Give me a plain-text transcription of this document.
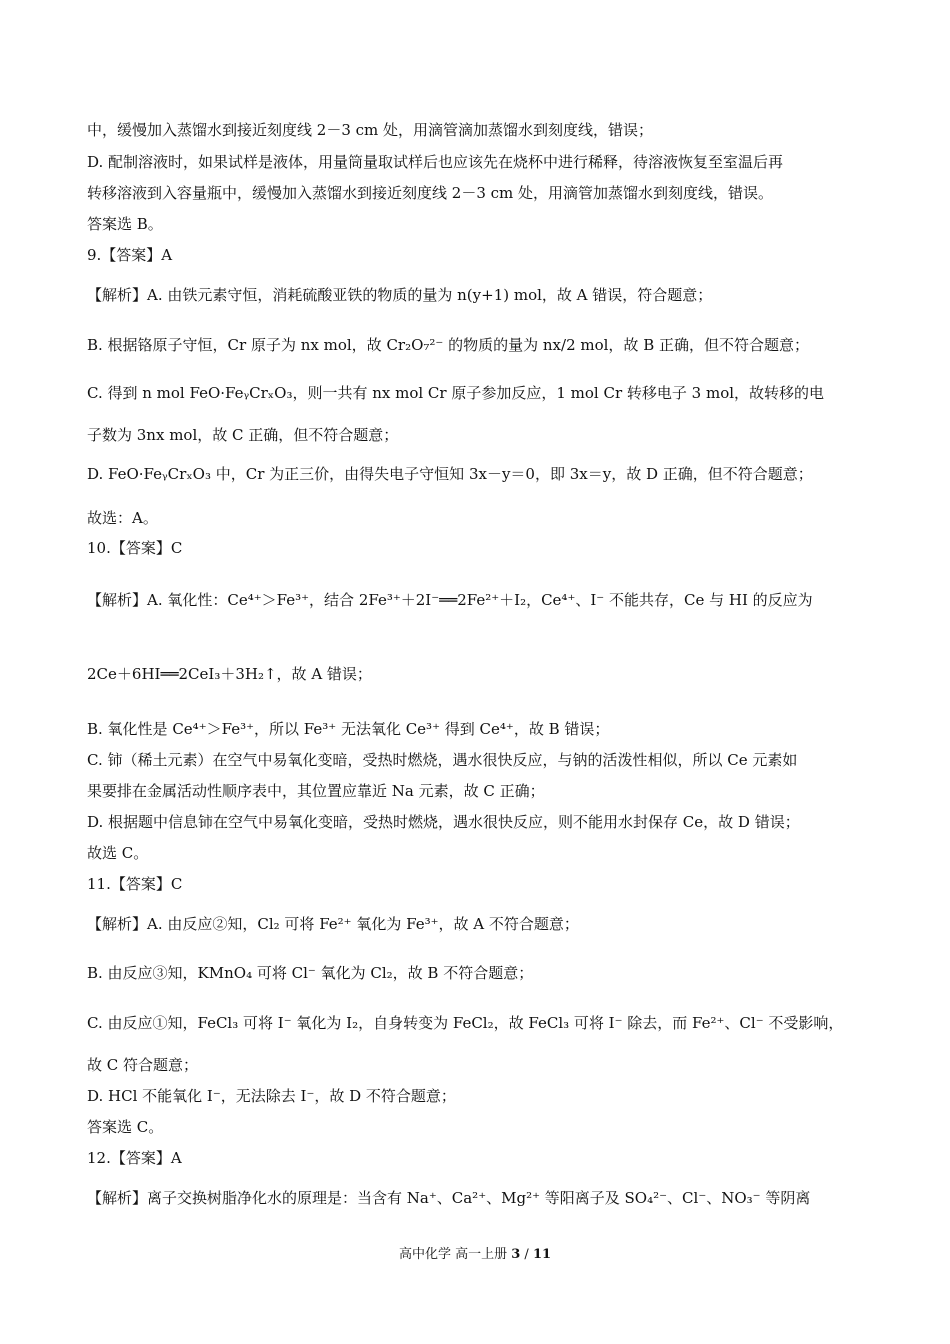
中，缓慢加入蒸馏水到接近刻度线 2－3 cm 处，用滴管滴加蒸馏水到刻度线，错误；
D. 配制溶液时，如果试样是液体，用量筒量取试样后也应该先在烧杯中进行稀释，待溶液恢复至室温后再
转移溶液到入容量瓶中，缓慢加入蒸馏水到接近刻度线 2－3 cm 处，用滴管加蒸馏水到刻度线，错误。
答案选 B。
9.【答案】A
【解析】A. 由铁元素守恒，消耗硫酸亚铁的物质的量为 n(y+1) mol，故 A 错误，符合题意；
B. 根据铬原子守恒，Cr 原子为 nx mol，故 Cr₂O₇²⁻ 的物质的量为 nx/2 mol，故 B 正确，但不符合题意；
C. 得到 n mol FeO·FeᵧCrₓO₃，则一共有 nx mol Cr 原子参加反应，1 mol Cr 转移电子 3 mol，故转移的电
子数为 3nx mol，故 C 正确，但不符合题意；
D. FeO·FeᵧCrₓO₃ 中，Cr 为正三价，由得失电子守恒知 3x－y＝0，即 3x＝y，故 D 正确，但不符合题意；
故选：A。
10.【答案】C
【解析】A. 氧化性：Ce⁴⁺＞Fe³⁺，结合 2Fe³⁺＋2I⁻══2Fe²⁺＋I₂，Ce⁴⁺、I⁻ 不能共存，Ce 与 HI 的反应为
2Ce＋6HI══2CeI₃＋3H₂↑，故 A 错误；
B. 氧化性是 Ce⁴⁺＞Fe³⁺，所以 Fe³⁺ 无法氧化 Ce³⁺ 得到 Ce⁴⁺，故 B 错误；
C. 铈（稀土元素）在空气中易氧化变暗，受热时燃烧，遇水很快反应，与钠的活泼性相似，所以 Ce 元素如
果要排在金属活动性顺序表中，其位置应靠近 Na 元素，故 C 正确；
D. 根据题中信息铈在空气中易氧化变暗，受热时燃烧，遇水很快反应，则不能用水封保存 Ce，故 D 错误；
故选 C。
11.【答案】C
【解析】A. 由反应②知，Cl₂ 可将 Fe²⁺ 氧化为 Fe³⁺，故 A 不符合题意；
B. 由反应③知，KMnO₄ 可将 Cl⁻ 氧化为 Cl₂，故 B 不符合题意；
C. 由反应①知，FeCl₃ 可将 I⁻ 氧化为 I₂，自身转变为 FeCl₂，故 FeCl₃ 可将 I⁻ 除去，而 Fe²⁺、Cl⁻ 不受影响，
故 C 符合题意；
D. HCl 不能氧化 I⁻，无法除去 I⁻，故 D 不符合题意；
答案选 C。
12.【答案】A
【解析】离子交换树脂净化水的原理是：当含有 Na⁺、Ca²⁺、Mg²⁺ 等阳离子及 SO₄²⁻、Cl⁻、NO₃⁻ 等阴离
高中化学 高一上册 3 / 11
